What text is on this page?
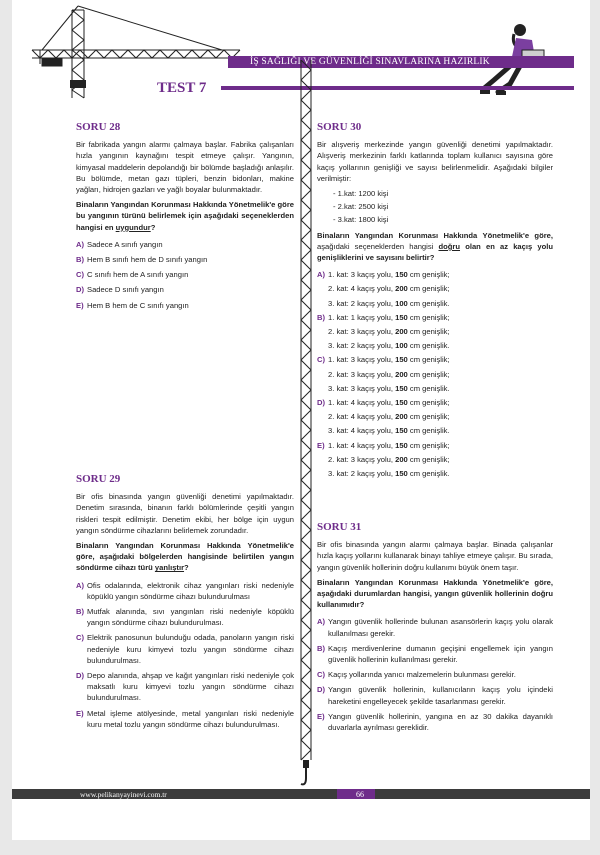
İŞ SAĞLIĞI VE GÜVENLİĞİ SINAVLARINA HAZIRLIK
TEST 7
SORU 28
Bir fabrikada yangın alarmı çalmaya başlar. Fabrika çalışanları hızla yangının kaynağını tespit etmeye çalışır. Yangının, kimyasal maddelerin depolandığı bir bölümde başladığı anlaşılır. Bu bölümde, metan gazı tüpleri, benzin bidonları, makine yağları, hidrojen gazları ve yağlı boyalar bulunmaktadır.
Binaların Yangından Korunması Hakkında Yönetmelik'e göre bu yangının türünü belirlemek için aşağıdaki seçeneklerden hangisi en uygundur?
A) Sadece A sınıfı yangın
B) Hem B sınıfı hem de D sınıfı yangın
C) C sınıfı hem de A sınıfı yangın
D) Sadece D sınıfı yangın
E) Hem B hem de C sınıfı yangın
SORU 29
Bir ofis binasında yangın güvenliği denetimi yapılmaktadır. Denetim sırasında, binanın farklı bölümlerinde çeşitli yangın riskleri tespit edilmiştir. Denetim ekibi, her bölge için uygun yangın söndürme cihazlarını belirlemek zorundadır.
Binaların Yangından Korunması Hakkında Yönetmelik'e göre, aşağıdaki bölgelerden hangisinde belirtilen yangın söndürme cihazı türü yanlıştır?
A) Ofis odalarında, elektronik cihaz yangınları riski nedeniyle köpüklü yangın söndürme cihazı bulundurulması
B) Mutfak alanında, sıvı yangınları riski nedeniyle köpüklü yangın söndürme cihazı bulundurulması.
C) Elektrik panosunun bulunduğu odada, panoların yangın riski nedeniyle kuru kimyevi tozlu yangın söndürme cihazı bulundurulması.
D) Depo alanında, ahşap ve kağıt yangınları riski nedeniyle çok maksatlı kuru kimyevi tozlu yangın söndürme cihazı bulundurulması.
E) Metal işleme atölyesinde, metal yangınları riski nedeniyle kuru metal tozlu yangın söndürme cihazı bulundurulması.
SORU 30
Bir alışveriş merkezinde yangın güvenliği denetimi yapılmaktadır. Alışveriş merkezinin farklı katlarında toplam kullanıcı sayısına göre kaçış yollarının genişliği ve sayısı belirlenmelidir. Aşağıdaki bilgiler verilmiştir:
- 1.kat: 1200 kişi
- 2.kat: 2500 kişi
- 3.kat: 1800 kişi
Binaların Yangından Korunması Hakkında Yönetmelik'e göre, aşağıdaki seçeneklerden hangisi doğru olan en az kaçış yolu genişliklerini ve sayısını belirtir?
A) 1. kat: 3 kaçış yolu, 150 cm genişlik;
2. kat: 4 kaçış yolu, 200 cm genişlik;
3. kat: 2 kaçış yolu, 100 cm genişlik.
B) 1. kat: 1 kaçış yolu, 150 cm genişlik;
2. kat: 3 kaçış yolu, 200 cm genişlik;
3. kat: 2 kaçış yolu, 100 cm genişlik.
C) 1. kat: 3 kaçış yolu, 150 cm genişlik;
2. kat: 3 kaçış yolu, 200 cm genişlik;
3. kat: 3 kaçış yolu, 150 cm genişlik.
D) 1. kat: 4 kaçış yolu, 150 cm genişlik;
2. kat: 4 kaçış yolu, 200 cm genişlik;
3. kat: 4 kaçış yolu, 150 cm genişlik.
E) 1. kat: 4 kaçış yolu, 150 cm genişlik;
2. kat: 3 kaçış yolu, 200 cm genişlik;
3. kat: 2 kaçış yolu, 150 cm genişlik.
SORU 31
Bir ofis binasında yangın alarmı çalmaya başlar. Binada çalışanlar hızla kaçış yollarını kullanarak binayı tahliye etmeye çalışır. Bu sırada, yangın güvenlik hollerinin doğru kullanımı büyük önem taşır.
Binaların Yangından Korunması Hakkında Yönetmelik'e göre, aşağıdaki durumlardan hangisi, yangın güvenlik hollerinin doğru kullanımıdır?
A) Yangın güvenlik hollerinde bulunan asansörlerin kaçış yolu olarak kullanılması gerekir.
B) Kaçış merdivenlerine dumanın geçişini engellemek için yangın güvenlik hollerinin kullanılması gerekir.
C) Kaçış yollarında yanıcı malzemelerin bulunması gerekir.
D) Yangın güvenlik hollerinin, kullanıcıların kaçış yolu içindeki hareketini engelleyecek şekilde tasarlanması gerekir.
E) Yangın güvenlik hollerinin, yangına en az 30 dakika dayanıklı duvarlarla ayrılması gereklidir.
www.pelikanyayinevi.com.tr	66
